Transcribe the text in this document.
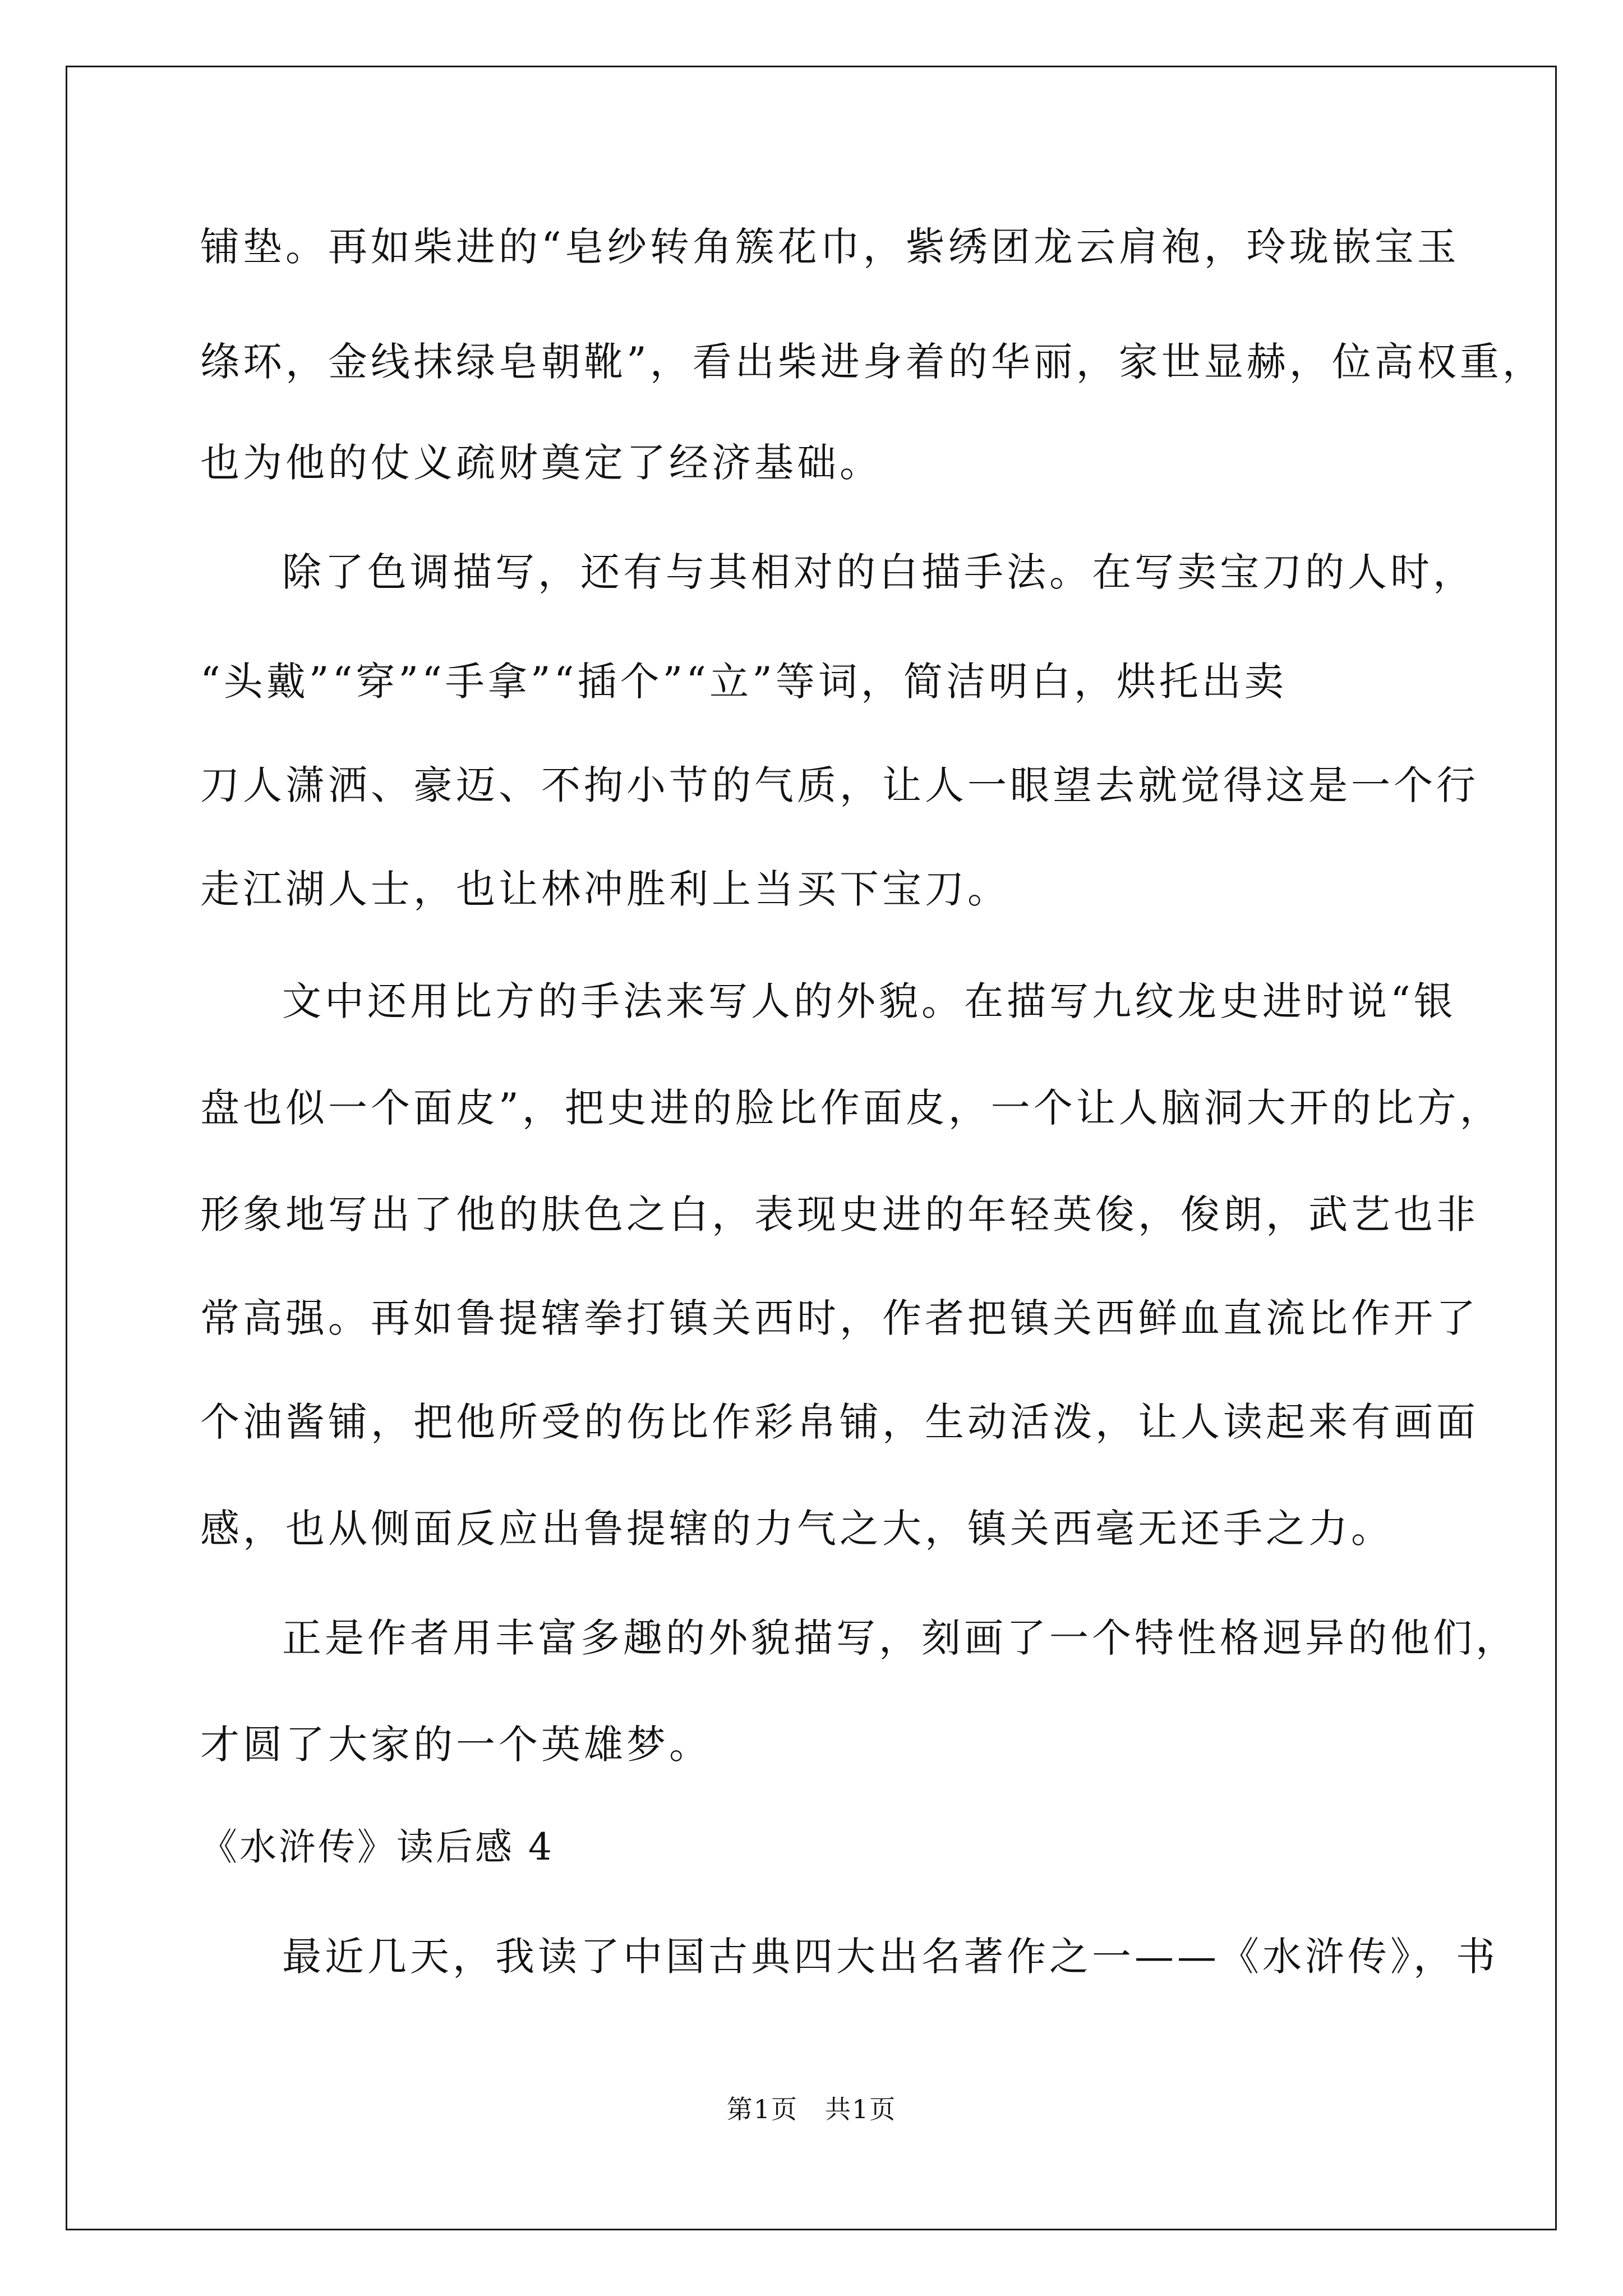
铺垫。再如柴进的“皂纱转角簇花巾，紫绣团龙云肩袍，玲珑嵌宝玉
绦环，金线抹绿皂朝靴”，看出柴进身着的华丽，家世显赫，位高权重，
也为他的仗义疏财奠定了经济基础。
除了色调描写，还有与其相对的白描手法。在写卖宝刀的人时，
“头戴”“穿”“手拿”“插个”“立”等词，简洁明白，烘托出卖
刀人潇洒、豪迈、不拘小节的气质，让人一眼望去就觉得这是一个行
走江湖人士，也让林冲胜利上当买下宝刀。
文中还用比方的手法来写人的外貌。在描写九纹龙史进时说“银
盘也似一个面皮”，把史进的脸比作面皮，一个让人脑洞大开的比方，
形象地写出了他的肤色之白，表现史进的年轻英俊，俊朗，武艺也非
常高强。再如鲁提辖拳打镇关西时，作者把镇关西鲜血直流比作开了
个油酱铺，把他所受的伤比作彩帛铺，生动活泼，让人读起来有画面
感，也从侧面反应出鲁提辖的力气之大，镇关西毫无还手之力。
正是作者用丰富多趣的外貌描写，刻画了一个特性格迥异的他们，
才圆了大家的一个英雄梦。
《水浒传》读后感 4
最近几天，我读了中国古典四大出名著作之一——《水浒传》，书
第1页　共1页
